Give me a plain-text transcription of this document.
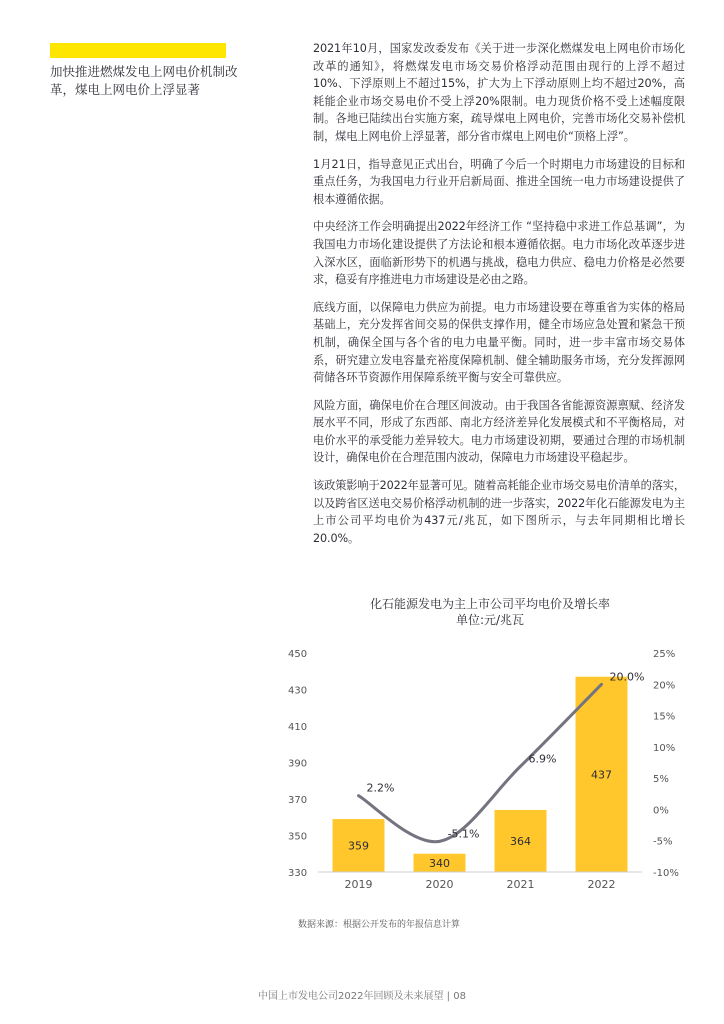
加快推进燃煤发电上网电价机制改革，煤电上网电价上浮显著

2021年10月，国家发改委发布《关于进一步深化燃煤发电上网电价市场化改革的通知》，将燃煤发电市场交易价格浮动范围由现行的上浮不超过10%、下浮原则上不超过15%，扩大为上下浮动原则上均不超过20%，高耗能企业市场交易电价不受上浮20%限制。电力现货价格不受上述幅度限制。各地已陆续出台实施方案，疏导煤电上网电价，完善市场化交易补偿机制，煤电上网电价上浮显著，部分省市煤电上网电价“顶格上浮”。

1月21日，指导意见正式出台，明确了今后一个时期电力市场建设的目标和重点任务，为我国电力行业开启新局面、推进全国统一电力市场建设提供了根本遵循依据。

中央经济工作会明确提出2022年经济工作 “坚持稳中求进工作总基调”，为我国电力市场化建设提供了方法论和根本遵循依据。电力市场化改革逐步进入深水区，面临新形势下的机遇与挑战，稳电力供应、稳电力价格是必然要求，稳妥有序推进电力市场建设是必由之路。

底线方面，以保障电力供应为前提。电力市场建设要在尊重省为实体的格局基础上，充分发挥省间交易的保供支撑作用，健全市场应急处置和紧急干预机制，确保全国与各个省的电力电量平衡。同时，进一步丰富市场交易体系，研究建立发电容量充裕度保障机制、健全辅助服务市场，充分发挥源网荷储各环节资源作用保障系统平衡与安全可靠供应。

风险方面，确保电价在合理区间波动。由于我国各省能源资源禀赋、经济发展水平不同，形成了东西部、南北方经济差异化发展模式和不平衡格局，对电价水平的承受能力差异较大。电力市场建设初期，要通过合理的市场机制设计，确保电价在合理范围内波动，保障电力市场建设平稳起步。

该政策影响于2022年显著可见。随着高耗能企业市场交易电价清单的落实，以及跨省区送电交易价格浮动机制的进一步落实，2022年化石能源发电为主上市公司平均电价为437元/兆瓦，如下图所示，与去年同期相比增长20.0%。

化石能源发电为主上市公司平均电价及增长率
单位:元/兆瓦
330
350
370
390
410
430
450
-10%
-5%
0%
5%
10%
15%
20%
25%
359
340
364
437
2019	2020	2021	2022
2.2%
-5.1%
6.9%
20.0%
数据来源：根据公开发布的年报信息计算
中国上市发电公司2022年回顾及未来展望 | 08
